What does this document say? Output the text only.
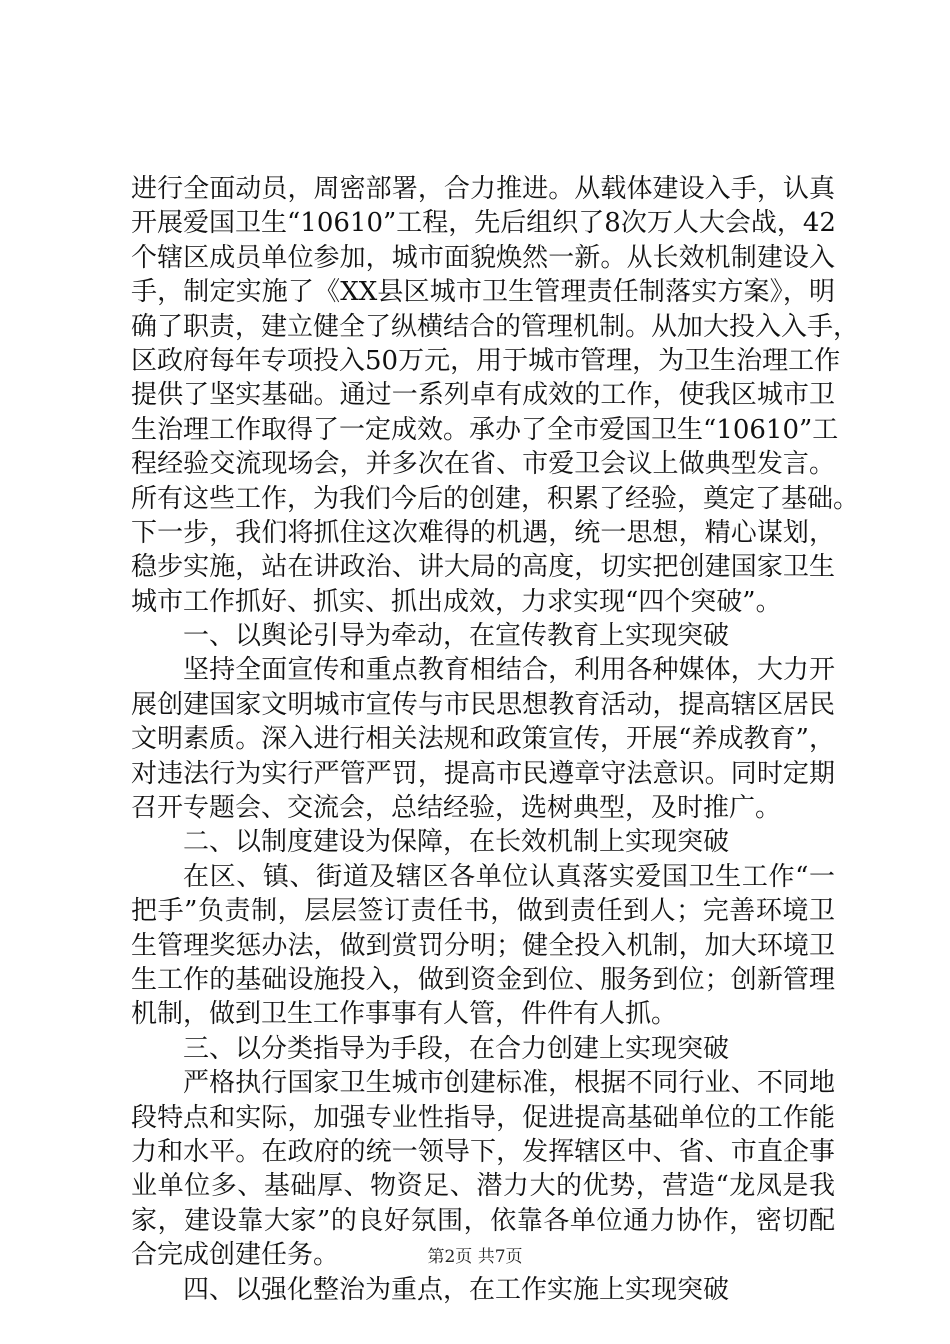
进行全面动员，周密部署，合力推进。从载体建设入手，认真
开展爱国卫生“10610”工程，先后组织了8次万人大会战，42
个辖区成员单位参加，城市面貌焕然一新。从长效机制建设入
手，制定实施了《XX县区城市卫生管理责任制落实方案》，明
确了职责，建立健全了纵横结合的管理机制。从加大投入入手，
区政府每年专项投入50万元，用于城市管理，为卫生治理工作
提供了坚实基础。通过一系列卓有成效的工作，使我区城市卫
生治理工作取得了一定成效。承办了全市爱国卫生“10610”工
程经验交流现场会，并多次在省、市爱卫会议上做典型发言。
所有这些工作，为我们今后的创建，积累了经验，奠定了基础。
下一步，我们将抓住这次难得的机遇，统一思想，精心谋划，
稳步实施，站在讲政治、讲大局的高度，切实把创建国家卫生
城市工作抓好、抓实、抓出成效，力求实现“四个突破”。
一、以舆论引导为牵动，在宣传教育上实现突破
坚持全面宣传和重点教育相结合，利用各种媒体，大力开
展创建国家文明城市宣传与市民思想教育活动，提高辖区居民
文明素质。深入进行相关法规和政策宣传，开展“养成教育”，
对违法行为实行严管严罚，提高市民遵章守法意识。同时定期
召开专题会、交流会，总结经验，选树典型，及时推广。
二、以制度建设为保障，在长效机制上实现突破
在区、镇、街道及辖区各单位认真落实爱国卫生工作“一
把手”负责制，层层签订责任书，做到责任到人；完善环境卫
生管理奖惩办法，做到赏罚分明；健全投入机制，加大环境卫
生工作的基础设施投入，做到资金到位、服务到位；创新管理
机制，做到卫生工作事事有人管，件件有人抓。
三、以分类指导为手段，在合力创建上实现突破
严格执行国家卫生城市创建标准，根据不同行业、不同地
段特点和实际，加强专业性指导，促进提高基础单位的工作能
力和水平。在政府的统一领导下，发挥辖区中、省、市直企事
业单位多、基础厚、物资足、潜力大的优势，营造“龙凤是我
家，建设靠大家”的良好氛围，依靠各单位通力协作，密切配
合完成创建任务。
四、以强化整治为重点，在工作实施上实现突破
第2页 共7页
